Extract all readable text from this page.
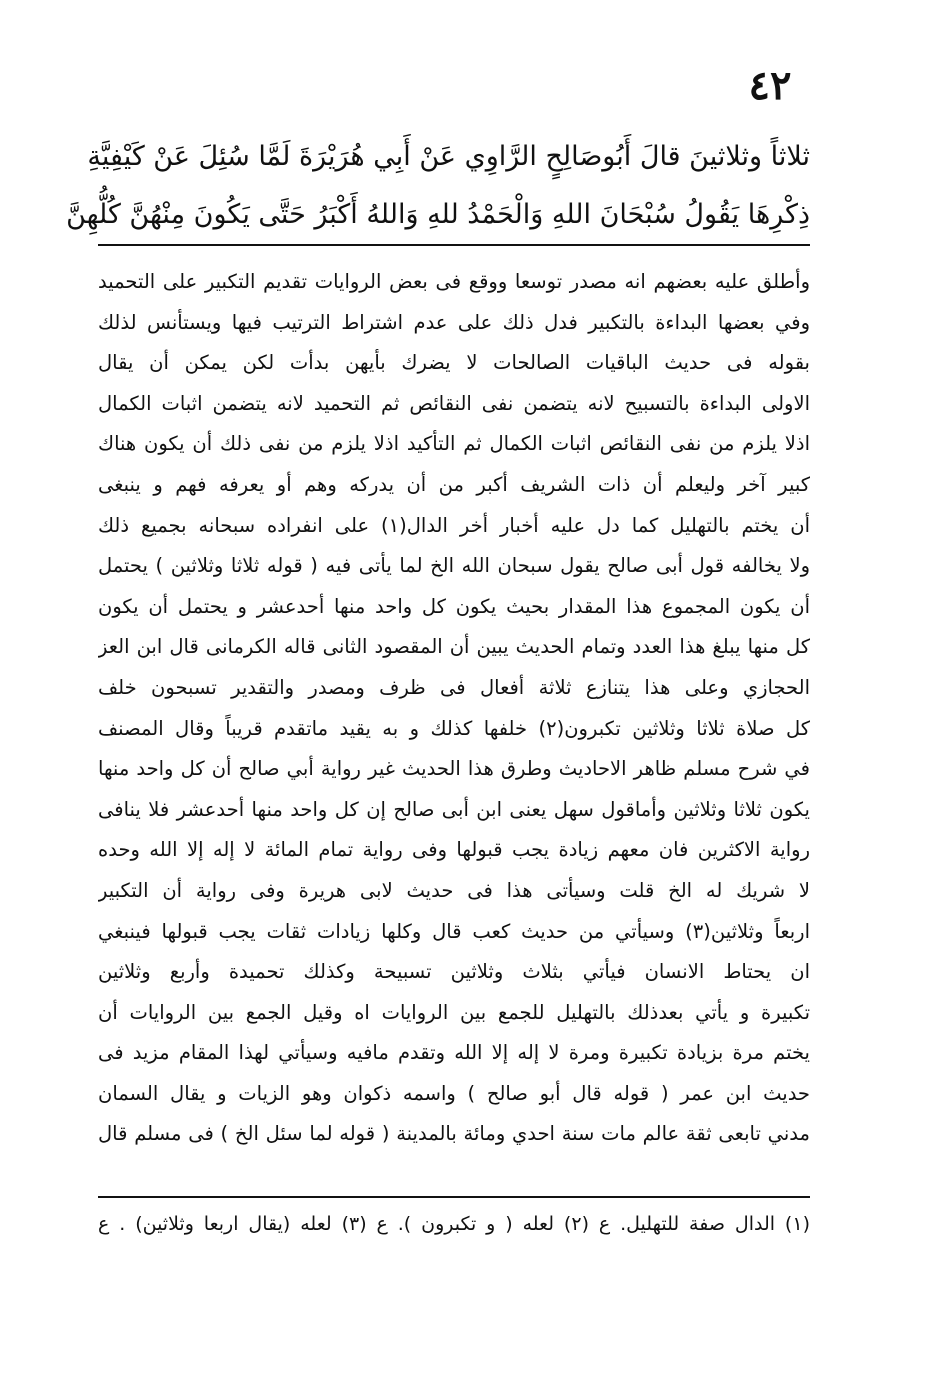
٤٢
ثلاثاً وثلاثينَ قالَ أَبُوصَالِحٍ الرَّاوِي عَنْ أَبِي هُرَيْرَةَ لَمَّا سُئِلَ عَنْ كَيْفِيَّةِ
ذِكْرِهَا يَقُولُ سُبْحَانَ اللهِ وَالْحَمْدُ للهِ وَاللهُ أَكْبَرُ حَتَّى يَكُونَ مِنْهُنَّ كُلُّهِنَّ
وأطلق عليه بعضهم انه مصدر توسعا ووقع فى بعض الروايات تقديم التكبير على التحميد
وفي بعضها البداءة بالتكبير فدل ذلك على عدم اشتراط الترتيب فيها ويستأنس لذلك
بقوله فى حديث الباقيات الصالحات لا يضرك بأيهن بدأت لكن يمكن أن يقال
الاولى البداءة بالتسبيح لانه يتضمن نفى النقائص ثم التحميد لانه يتضمن اثبات الكمال
اذلا يلزم من نفى النقائص اثبات الكمال ثم التأكيد اذلا يلزم من نفى ذلك أن يكون هناك
كبير آخر وليعلم أن ذات الشريف أكبر من أن يدركه وهم أو يعرفه فهم و ينبغى
أن يختم بالتهليل كما دل عليه أخبار أخر الدال(١) على انفراده سبحانه بجميع ذلك
ولا يخالفه قول أبى صالح يقول سبحان الله الخ لما يأتى فيه ( قوله ثلاثا وثلاثين ) يحتمل
أن يكون المجموع هذا المقدار بحيث يكون كل واحد منها أحدعشر و يحتمل أن يكون
كل منها يبلغ هذا العدد وتمام الحديث يبين أن المقصود الثانى قاله الكرمانى قال ابن العز
الحجازي وعلى هذا يتنازع ثلاثة أفعال فى ظرف ومصدر والتقدير تسبحون خلف
كل صلاة ثلاثا وثلاثين تكبرون(٢) خلفها كذلك و به يقيد ماتقدم قريباً وقال المصنف
في شرح مسلم ظاهر الاحاديث وطرق هذا الحديث غير رواية أبي صالح أن كل واحد منها
يكون ثلاثا وثلاثين وأماقول سهل يعنى ابن أبى صالح إن كل واحد منها أحدعشر فلا ينافى
رواية الاكثرين فان معهم زيادة يجب قبولها وفى رواية تمام المائة لا إله إلا الله وحده
لا شريك له الخ قلت وسيأتى هذا فى حديث لابى هريرة وفى رواية أن التكبير
اربعاً وثلاثين(٣) وسيأتي من حديث كعب قال وكلها زيادات ثقات يجب قبولها فينبغي
ان يحتاط الانسان فيأتي بثلاث وثلاثين تسبيحة وكذلك تحميدة وأربع وثلاثين
تكبيرة و يأتي بعدذلك بالتهليل للجمع بين الروايات اه وقيل الجمع بين الروايات أن
يختم مرة بزيادة تكبيرة ومرة لا إله إلا الله وتقدم مافيه وسيأتي لهذا المقام مزيد فى
حديث ابن عمر ( قوله قال أبو صالح ) واسمه ذكوان وهو الزيات و يقال السمان
مدني تابعى ثقة عالم مات سنة احدي ومائة بالمدينة ( قوله لما سئل الخ ) فى مسلم قال
(١) الدال صفة للتهليل. ع (٢) لعله ( و تكبرون ). ع (٣) لعله (يقال اربعا وثلاثين) . ع
